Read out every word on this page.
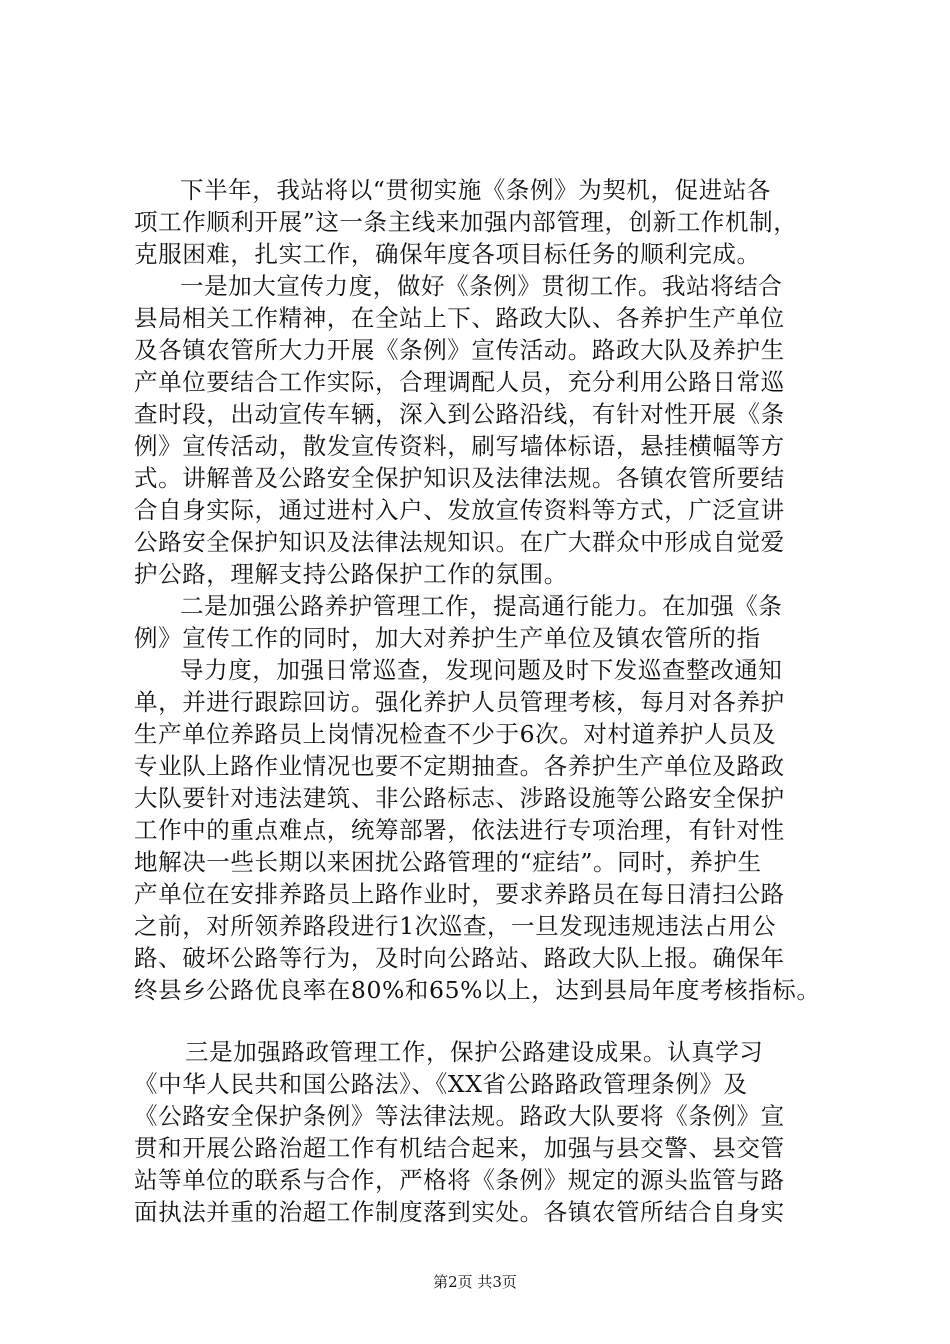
下半年，我站将以“贯彻实施《条例》为契机，促进站各
项工作顺利开展”这一条主线来加强内部管理，创新工作机制，
克服困难，扎实工作，确保年度各项目标任务的顺利完成。
一是加大宣传力度，做好《条例》贯彻工作。我站将结合
县局相关工作精神，在全站上下、路政大队、各养护生产单位
及各镇农管所大力开展《条例》宣传活动。路政大队及养护生
产单位要结合工作实际，合理调配人员，充分利用公路日常巡
查时段，出动宣传车辆，深入到公路沿线，有针对性开展《条
例》宣传活动，散发宣传资料，刷写墙体标语，悬挂横幅等方
式。讲解普及公路安全保护知识及法律法规。各镇农管所要结
合自身实际，通过进村入户、发放宣传资料等方式，广泛宣讲
公路安全保护知识及法律法规知识。在广大群众中形成自觉爱
护公路，理解支持公路保护工作的氛围。
二是加强公路养护管理工作，提高通行能力。在加强《条
例》宣传工作的同时，加大对养护生产单位及镇农管所的指
导力度，加强日常巡查，发现问题及时下发巡查整改通知
单，并进行跟踪回访。强化养护人员管理考核，每月对各养护
生产单位养路员上岗情况检查不少于6次。对村道养护人员及
专业队上路作业情况也要不定期抽查。各养护生产单位及路政
大队要针对违法建筑、非公路标志、涉路设施等公路安全保护
工作中的重点难点，统筹部署，依法进行专项治理，有针对性
地解决一些长期以来困扰公路管理的“症结”。同时，养护生
产单位在安排养路员上路作业时，要求养路员在每日清扫公路
之前，对所领养路段进行1次巡查，一旦发现违规违法占用公
路、破坏公路等行为，及时向公路站、路政大队上报。确保年
终县乡公路优良率在80%和65%以上，达到县局年度考核指标。
三是加强路政管理工作，保护公路建设成果。认真学习
《中华人民共和国公路法》、《XX省公路路政管理条例》及
《公路安全保护条例》等法律法规。路政大队要将《条例》宣
贯和开展公路治超工作有机结合起来，加强与县交警、县交管
站等单位的联系与合作，严格将《条例》规定的源头监管与路
面执法并重的治超工作制度落到实处。各镇农管所结合自身实
第2页 共3页
